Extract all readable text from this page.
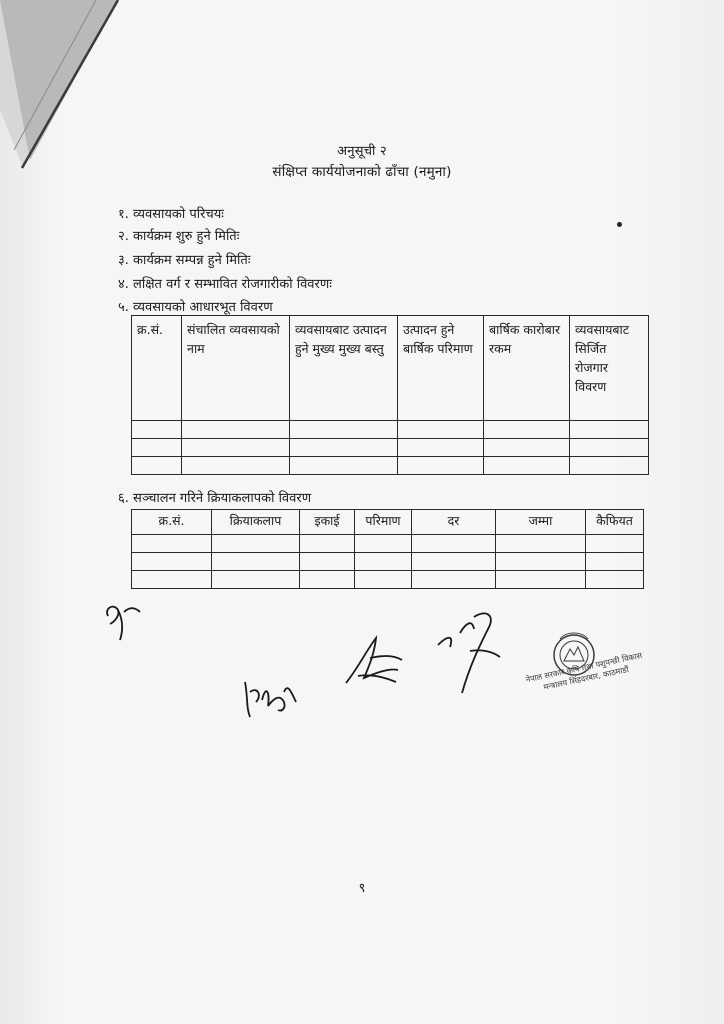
अनुसूची २
संक्षिप्त कार्ययोजनाको ढाँचा (नमुना)
१. व्यवसायको परिचयः
२. कार्यक्रम शुरु हुने मितिः
३. कार्यक्रम सम्पन्न हुने मितिः
४. लक्षित वर्ग र सम्भावित रोजगारीको विवरणः
५. व्यवसायको आधारभूत विवरण
क्र.सं.	संचालित व्यवसायको नाम	व्यवसायबाट उत्पादन हुने मुख्य मुख्य बस्तु	उत्पादन हुने बार्षिक परिमाण	बार्षिक कारोबार रकम	व्यवसायबाट सिर्जित रोजगार विवरण

६. सञ्चालन गरिने क्रियाकलापको विवरण
क्र.सं.	क्रियाकलाप	इकाई	परिमाण	दर	जम्मा	कैफियत

नेपाल सरकार कृषि तथा पशुपन्छी विकास मन्त्रालय सिंहदरबार, काठमाडौं
९
